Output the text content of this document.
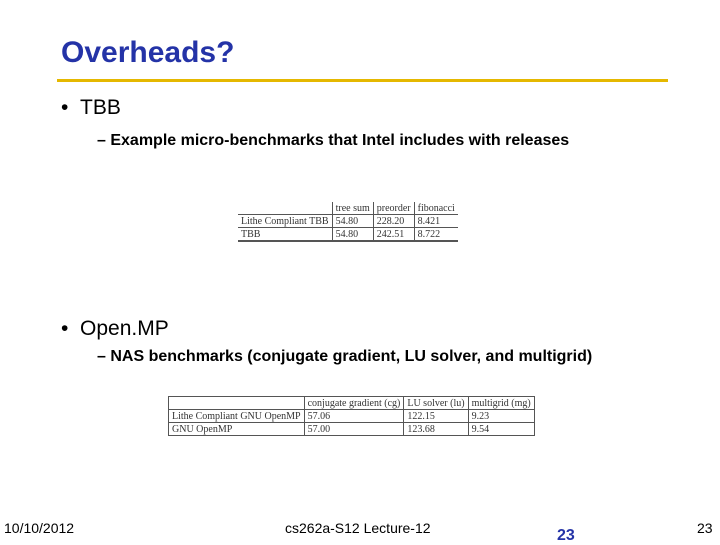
Overheads?
•  TBB
– Example micro-benchmarks that Intel includes with releases
	tree sum	preorder	fibonacci
Lithe Compliant TBB	54.80	228.20	8.421
TBB	54.80	242.51	8.722
•  Open.MP
– NAS benchmarks (conjugate gradient, LU solver, and multigrid)
	conjugate gradient (cg)	LU solver (lu)	multigrid (mg)
Lithe Compliant GNU OpenMP	57.06	122.15	9.23
GNU OpenMP	57.00	123.68	9.54
10/10/2012	cs262a-S12 Lecture-12	23	23
